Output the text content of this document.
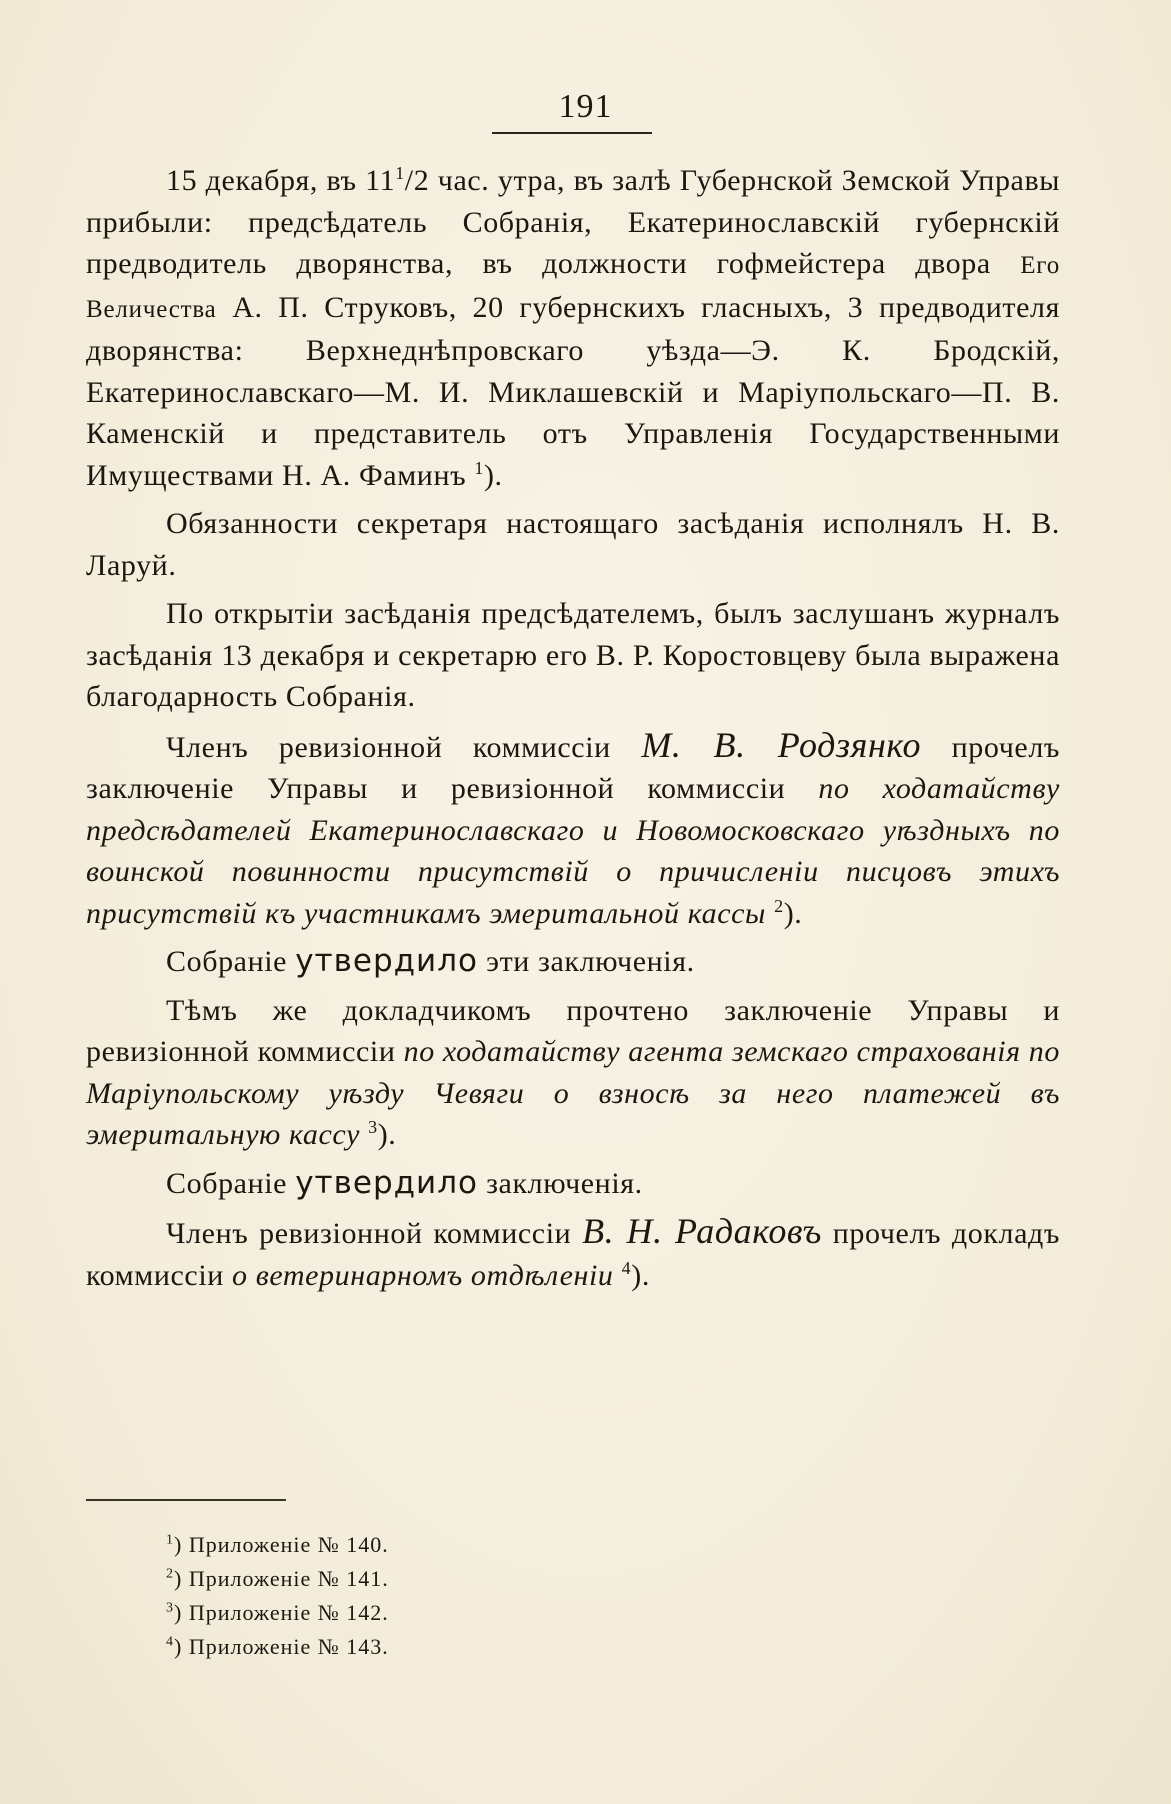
191

15 декабря, въ $11^1/2$ час. утра, въ залѣ Губернской Земской Управы прибыли: предсѣдатель Собранія, Екатеринославскій губернскій предводитель дворянства, въ должности гофмейстера двора Его Величества А. П. Струковъ, 20 губернскихъ гласныхъ, 3 предводителя дворянства: Верхнеднѣпровскаго уѣзда—Э. К. Бродскій, Екатеринославскаго—М. И. Миклашевскій и Маріупольскаго—П. В. Каменскій и представитель отъ Управленія Государственными Имуществами Н. А. Фаминъ $^1$).

Обязанности секретаря настоящаго засѣданія исполнялъ Н. В. Ларуй.

По открытіи засѣданія предсѣдателемъ, былъ заслушанъ журналъ засѣданія 13 декабря и секретарю его В. Р. Коростовцеву была выражена благодарность Собранія.

Членъ ревизіонной коммиссіи М. В. Родзянко прочелъ заключеніе Управы и ревизіонной коммиссіи по ходатайству предсѣдателей Екатеринославскаго и Новомосковскаго уѣздныхъ по воинской повинности присутствій о причисленіи писцовъ этихъ присутствій къ участникамъ эмеритальной кассы $^2$).

Собраніе утвердило эти заключенія.

Тѣмъ же докладчикомъ прочтено заключеніе Управы и ревизіонной коммиссіи по ходатайству агента земскаго страхованія по Маріупольскому уѣзду Чевяги о взносѣ за него платежей въ эмеритальную кассу $^3$).

Собраніе утвердило заключенія.

Членъ ревизіонной коммиссіи В. Н. Радаковъ прочелъ докладъ коммиссіи о ветеринарномъ отдѣленіи $^4$).

$^1$) Приложеніе № 140.
$^2$) Приложеніе № 141.
$^3$) Приложеніе № 142.
$^4$) Приложеніе № 143.
